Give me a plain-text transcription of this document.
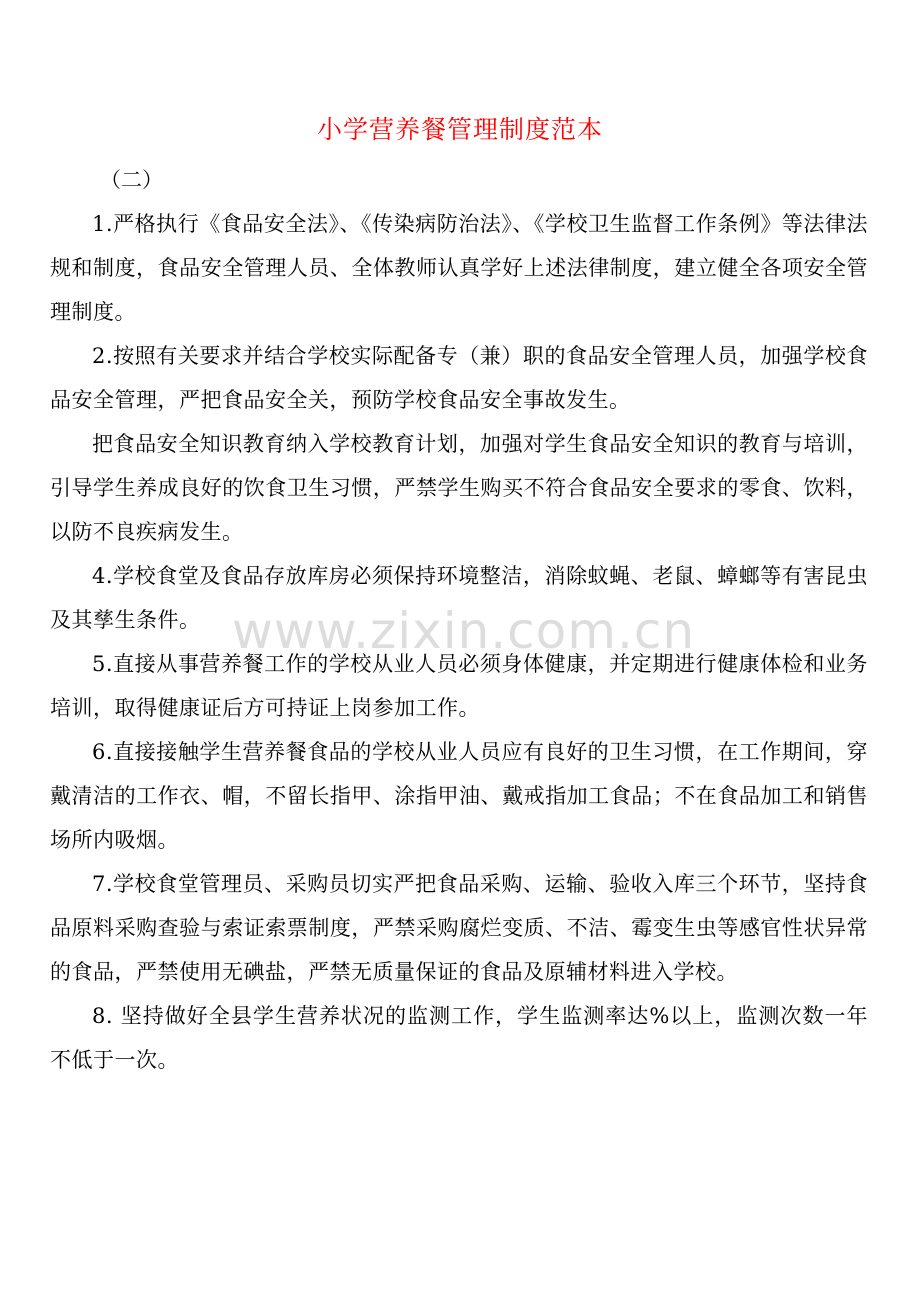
小学营养餐管理制度范本

（二）

1.严格执行《食品安全法》、《传染病防治法》、《学校卫生监督工作条例》等法律法规和制度，食品安全管理人员、全体教师认真学好上述法律制度，建立健全各项安全管理制度。

2.按照有关要求并结合学校实际配备专（兼）职的食品安全管理人员，加强学校食品安全管理，严把食品安全关，预防学校食品安全事故发生。

把食品安全知识教育纳入学校教育计划，加强对学生食品安全知识的教育与培训，引导学生养成良好的饮食卫生习惯，严禁学生购买不符合食品安全要求的零食、饮料，以防不良疾病发生。

4.学校食堂及食品存放库房必须保持环境整洁，消除蚊蝇、老鼠、蟑螂等有害昆虫及其孳生条件。

5.直接从事营养餐工作的学校从业人员必须身体健康，并定期进行健康体检和业务培训，取得健康证后方可持证上岗参加工作。

6.直接接触学生营养餐食品的学校从业人员应有良好的卫生习惯，在工作期间，穿戴清洁的工作衣、帽，不留长指甲、涂指甲油、戴戒指加工食品；不在食品加工和销售场所内吸烟。

7.学校食堂管理员、采购员切实严把食品采购、运输、验收入库三个环节，坚持食品原料采购查验与索证索票制度，严禁采购腐烂变质、不洁、霉变生虫等感官性状异常的食品，严禁使用无碘盐，严禁无质量保证的食品及原辅材料进入学校。

8. 坚持做好全县学生营养状况的监测工作，学生监测率达%以上，监测次数一年不低于一次。

www.zixin.com.cn
